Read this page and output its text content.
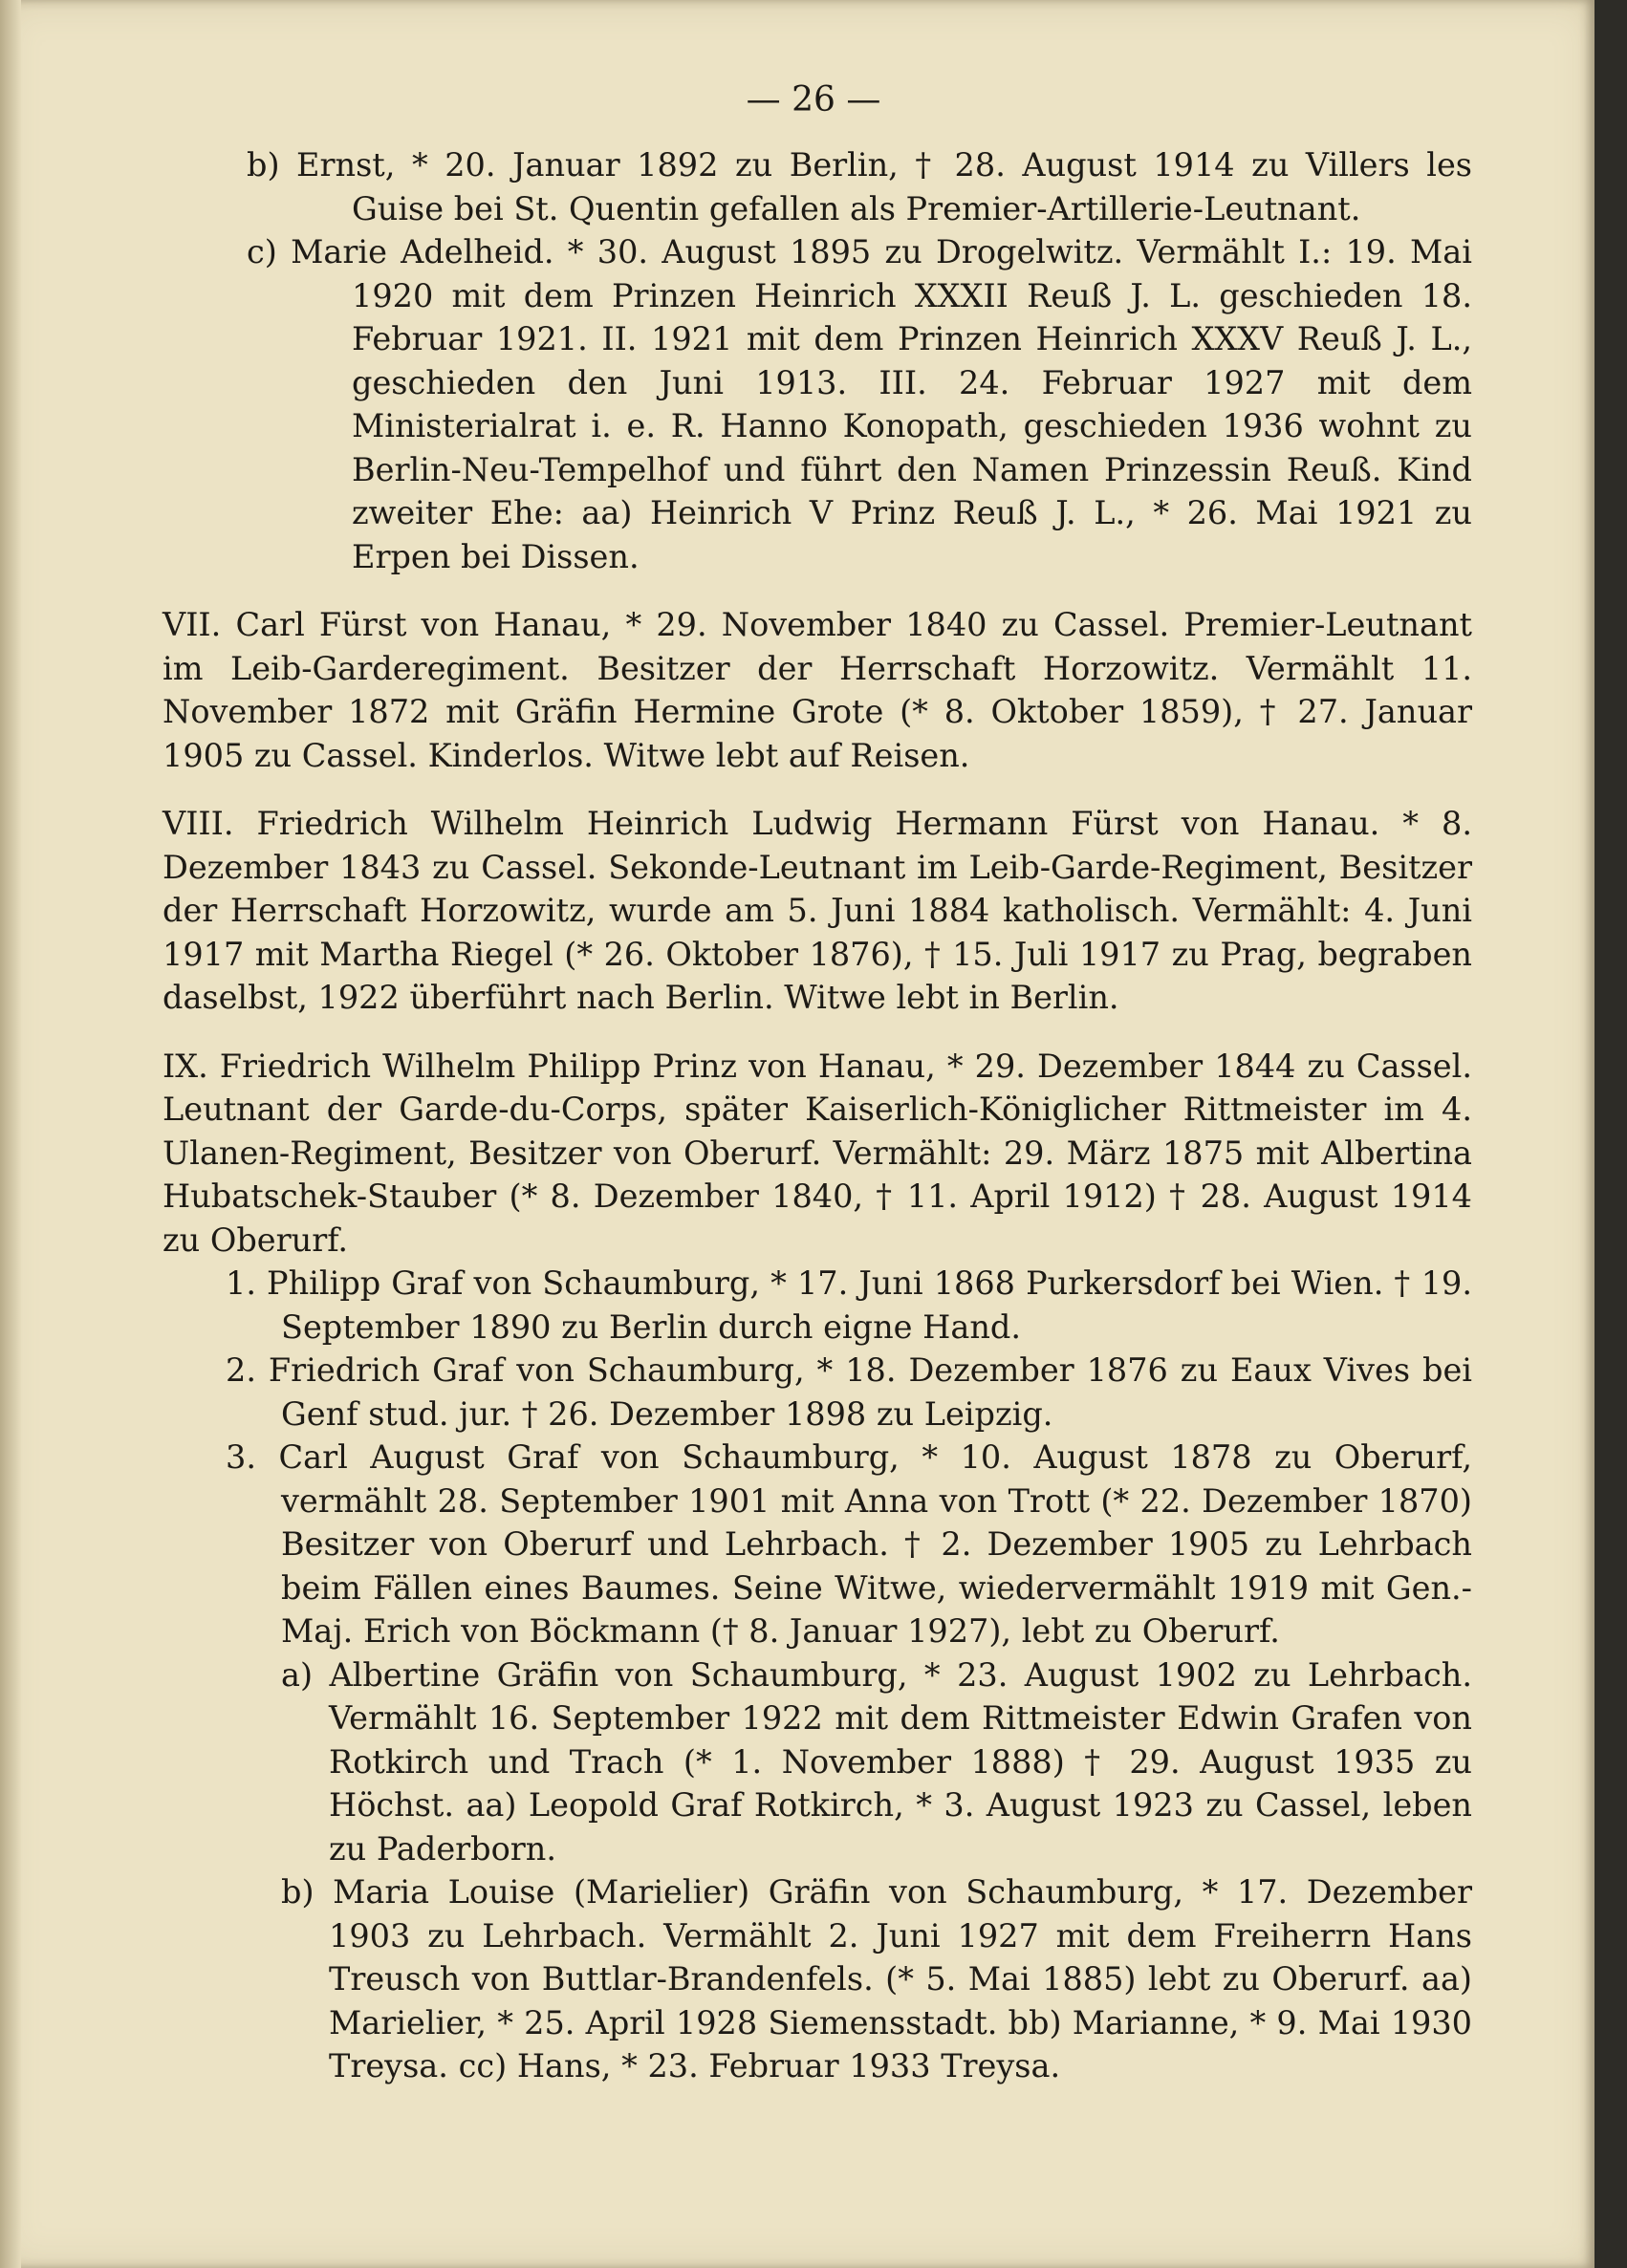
— 26 —

b) Ernst, * 20. Januar 1892 zu Berlin, † 28. August 1914 zu Villers les Guise bei St. Quentin gefallen als Premier-Artillerie-Leutnant.

c) Marie Adelheid. * 30. August 1895 zu Drogelwitz. Vermählt I.: 19. Mai 1920 mit dem Prinzen Heinrich XXXII Reuß J. L. geschieden 18. Februar 1921. II. 1921 mit dem Prinzen Heinrich XXXV Reuß J. L., geschieden den Juni 1913. III. 24. Februar 1927 mit dem Ministerialrat i. e. R. Hanno Konopath, geschieden 1936 wohnt zu Berlin-Neu-Tempelhof und führt den Namen Prinzessin Reuß. Kind zweiter Ehe: aa) Heinrich V Prinz Reuß J. L., * 26. Mai 1921 zu Erpen bei Dissen.

VII. Carl Fürst von Hanau, * 29. November 1840 zu Cassel. Premier-Leutnant im Leib-Garderegiment. Besitzer der Herrschaft Horzowitz. Vermählt 11. November 1872 mit Gräfin Hermine Grote (* 8. Oktober 1859), † 27. Januar 1905 zu Cassel. Kinderlos. Witwe lebt auf Reisen.

VIII. Friedrich Wilhelm Heinrich Ludwig Hermann Fürst von Hanau. * 8. Dezember 1843 zu Cassel. Sekonde-Leutnant im Leib-Garde-Regiment, Besitzer der Herrschaft Horzowitz, wurde am 5. Juni 1884 katholisch. Vermählt: 4. Juni 1917 mit Martha Riegel (* 26. Oktober 1876), † 15. Juli 1917 zu Prag, begraben daselbst, 1922 überführt nach Berlin. Witwe lebt in Berlin.

IX. Friedrich Wilhelm Philipp Prinz von Hanau, * 29. Dezember 1844 zu Cassel. Leutnant der Garde-du-Corps, später Kaiserlich-Königlicher Rittmeister im 4. Ulanen-Regiment, Besitzer von Oberurf. Vermählt: 29. März 1875 mit Albertina Hubatschek-Stauber (* 8. Dezember 1840, † 11. April 1912) † 28. August 1914 zu Oberurf.

1. Philipp Graf von Schaumburg, * 17. Juni 1868 Purkersdorf bei Wien. † 19. September 1890 zu Berlin durch eigne Hand.

2. Friedrich Graf von Schaumburg, * 18. Dezember 1876 zu Eaux Vives bei Genf stud. jur. † 26. Dezember 1898 zu Leipzig.

3. Carl August Graf von Schaumburg, * 10. August 1878 zu Oberurf, vermählt 28. September 1901 mit Anna von Trott (* 22. Dezember 1870) Besitzer von Oberurf und Lehrbach. † 2. Dezember 1905 zu Lehrbach beim Fällen eines Baumes. Seine Witwe, wiedervermählt 1919 mit Gen.-Maj. Erich von Böckmann († 8. Januar 1927), lebt zu Oberurf.

a) Albertine Gräfin von Schaumburg, * 23. August 1902 zu Lehrbach. Vermählt 16. September 1922 mit dem Rittmeister Edwin Grafen von Rotkirch und Trach (* 1. November 1888) † 29. August 1935 zu Höchst. aa) Leopold Graf Rotkirch, * 3. August 1923 zu Cassel, leben zu Paderborn.

b) Maria Louise (Marielier) Gräfin von Schaumburg, * 17. Dezember 1903 zu Lehrbach. Vermählt 2. Juni 1927 mit dem Freiherrn Hans Treusch von Buttlar-Brandenfels. (* 5. Mai 1885) lebt zu Oberurf. aa) Marielier, * 25. April 1928 Siemensstadt. bb) Marianne, * 9. Mai 1930 Treysa. cc) Hans, * 23. Februar 1933 Treysa.
